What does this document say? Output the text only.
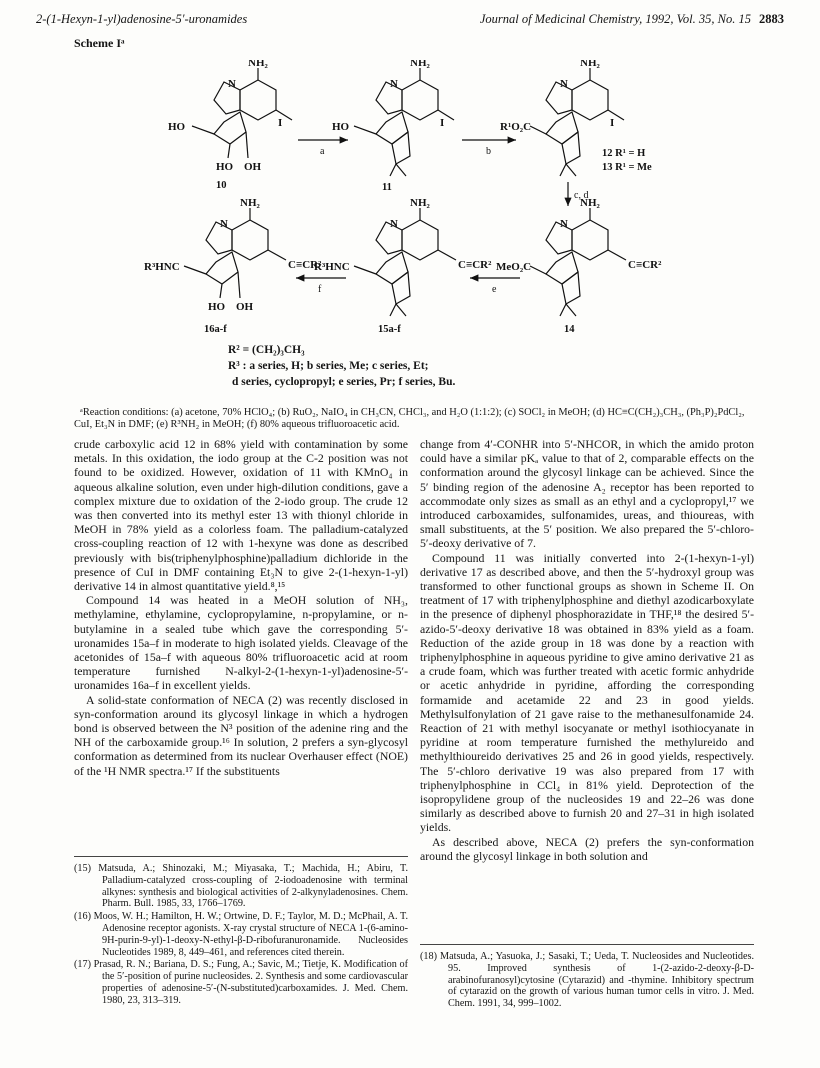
2-(1-Hexyn-1-yl)adenosine-5′-uronamides	Journal of Medicinal Chemistry, 1992, Vol. 35, No. 15 2883
Scheme Iᵃ
NH₂
N
I
HO
HO OH
10
NH₂
N
I
HO
11
NH₂
N
I
R¹O₂C
12 R¹ = H
13 R¹ = Me
NH₂
N
C≡CR²
R³HNC
HO OH
16a-f
NH₂
N
C≡CR²
R³HNC
15a-f
NH₂
N
C≡CR²
MeO₂C
14
a	b
c, d
e
f
R² = (CH₂)₃CH₃
R³ : a series, H; b series, Me; c series, Et;
d series, cyclopropyl; e series, Pr; f series, Bu.
ᵃReaction conditions: (a) acetone, 70% HClO₄; (b) RuO₂, NaIO₄ in CH₃CN, CHCl₃, and H₂O (1:1:2); (c) SOCl₂ in MeOH; (d) HC≡C(CH₂)₃CH₃, (Ph₃P)₂PdCl₂, CuI, Et₃N in DMF; (e) R³NH₂ in MeOH; (f) 80% aqueous trifluoroacetic acid.

crude carboxylic acid 12 in 68% yield with contamination by some metals. In this oxidation, the iodo group at the C-2 position was not found to be oxidized. However, oxidation of 11 with KMnO₄ in aqueous alkaline solution, even under high-dilution conditions, gave a complex mixture due to oxidation of the 2-iodo group. The crude 12 was then converted into its methyl ester 13 with thionyl chloride in MeOH in 78% yield as a colorless foam. The palladium-catalyzed cross-coupling reaction of 12 with 1-hexyne was done as described previously with bis(triphenylphosphine)palladium dichloride in the presence of CuI in DMF containing Et₃N to give 2-(1-hexyn-1-yl) derivative 14 in almost quantitative yield.⁸,¹⁵

Compound 14 was heated in a MeOH solution of NH₃, methylamine, ethylamine, cyclopropylamine, n-propylamine, or n-butylamine in a sealed tube which gave the corresponding 5′-uronamides 15a–f in moderate to high isolated yields. Cleavage of the acetonides of 15a–f with aqueous 80% trifluoroacetic acid at room temperature furnished N-alkyl-2-(1-hexyn-1-yl)adenosine-5′-uronamides 16a–f in excellent yields.

A solid-state conformation of NECA (2) was recently disclosed in syn-conformation around its glycosyl linkage in which a hydrogen bond is observed between the N³ position of the adenine ring and the NH of the carboxamide group.¹⁶ In solution, 2 prefers a syn-glycosyl conformation as determined from its nuclear Overhauser effect (NOE) of the ¹H NMR spectra.¹⁷ If the substituents

change from 4′-CONHR into 5′-NHCOR, in which the amido proton could have a similar pKₐ value to that of 2, comparable effects on the conformation around the glycosyl linkage can be achieved. Since the 5′ binding region of the adenosine A₂ receptor has been reported to accommodate only sizes as small as an ethyl and a cyclopropyl,¹⁷ we introduced carboxamides, sulfonamides, ureas, and thioureas, with small substituents, at the 5′ position. We also prepared the 5′-chloro-5′-deoxy derivative of 7.

Compound 11 was initially converted into 2-(1-hexyn-1-yl) derivative 17 as described above, and then the 5′-hydroxyl group was transformed to other functional groups as shown in Scheme II. On treatment of 17 with triphenylphosphine and diethyl azodicarboxylate in the presence of diphenyl phosphorazidate in THF,¹⁸ the desired 5′-azido-5′-deoxy derivative 18 was obtained in 83% yield as a foam. Reduction of the azide group in 18 was done by a reaction with triphenylphosphine in aqueous pyridine to give amino derivative 21 as a crude foam, which was further treated with acetic formic anhydride or acetic anhydride in pyridine, affording the corresponding formamide and acetamide 22 and 23 in good yields. Methylsulfonylation of 21 gave raise to the methanesulfonamide 24. Reaction of 21 with methyl isocyanate or methyl isothiocyanate in pyridine at room temperature furnished the methylureido and methylthioureido derivatives 25 and 26 in good yields, respectively. The 5′-chloro derivative 19 was also prepared from 17 with triphenylphosphine in CCl₄ in 81% yield. Deprotection of the isopropylidene group of the nucleosides 19 and 22–26 was done similarly as described above to furnish 20 and 27–31 in high isolated yields.

As described above, NECA (2) prefers the syn-conformation around the glycosyl linkage in both solution and

(15) Matsuda, A.; Shinozaki, M.; Miyasaka, T.; Machida, H.; Abiru, T. Palladium-catalyzed cross-coupling of 2-iodoadenosine with terminal alkynes: synthesis and biological activities of 2-alkynyladenosines. Chem. Pharm. Bull. 1985, 33, 1766–1769.
(16) Moos, W. H.; Hamilton, H. W.; Ortwine, D. F.; Taylor, M. D.; McPhail, A. T. Adenosine receptor agonists. X-ray crystal structure of NECA 1-(6-amino-9H-purin-9-yl)-1-deoxy-N-ethyl-β-D-ribofuranuronamide. Nucleosides Nucleotides 1989, 8, 449–461, and references cited therein.
(17) Prasad, R. N.; Bariana, D. S.; Fung, A.; Savic, M.; Tietje, K. Modification of the 5′-position of purine nucleosides. 2. Synthesis and some cardiovascular properties of adenosine-5′-(N-substituted)carboxamides. J. Med. Chem. 1980, 23, 313–319.
(18) Matsuda, A.; Yasuoka, J.; Sasaki, T.; Ueda, T. Nucleosides and Nucleotides. 95. Improved synthesis of 1-(2-azido-2-deoxy-β-D-arabinofuranosyl)cytosine (Cytarazid) and -thymine. Inhibitory spectrum of cytarazid on the growth of various human tumor cells in vitro. J. Med. Chem. 1991, 34, 999–1002.
